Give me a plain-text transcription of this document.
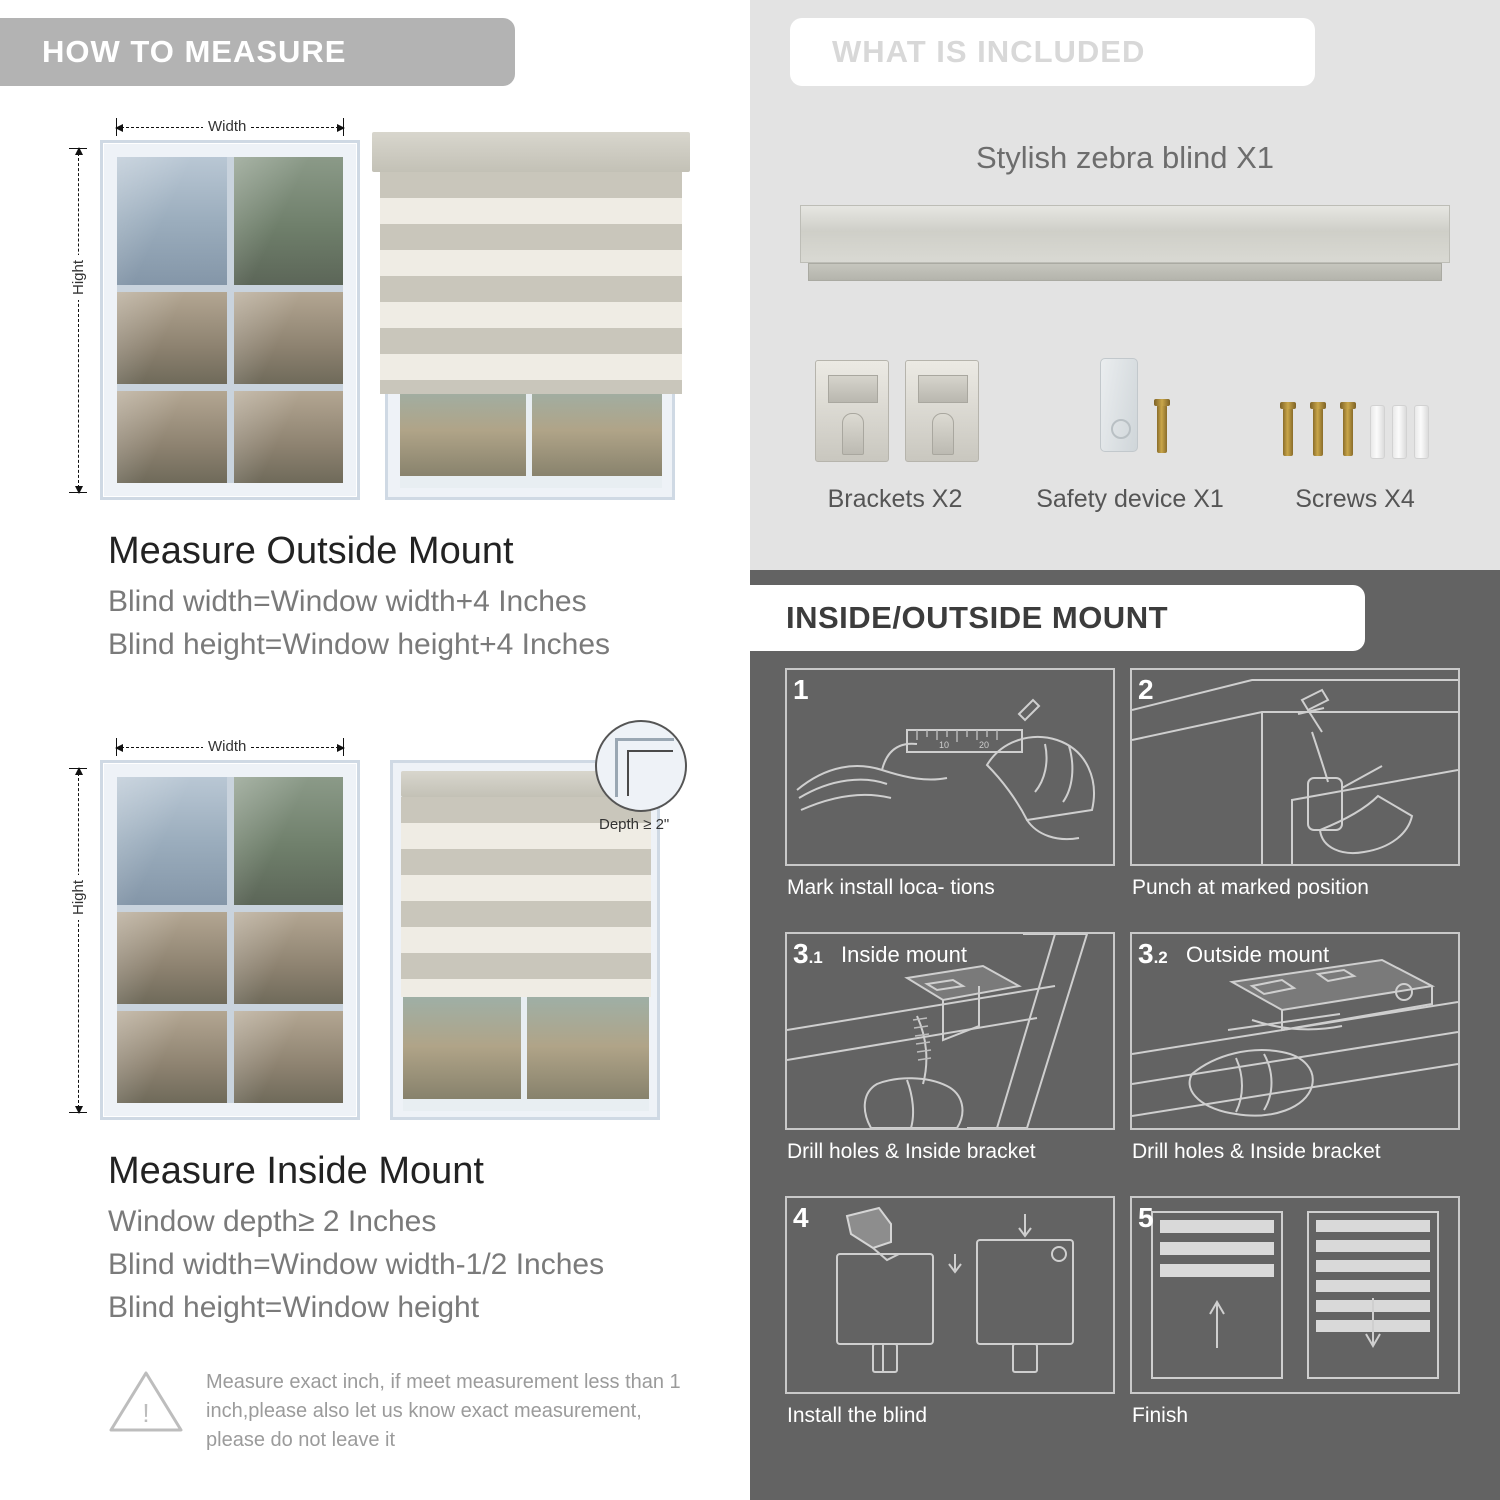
HOW TO MEASURE
Width
Hight
Measure Outside Mount
Blind width=Window width+4 Inches
Blind height=Window height+4 Inches
Width
Hight
Depth ≥ 2"
Measure Inside Mount
Window depth≥ 2 Inches
Blind width=Window width-1/2 Inches
Blind height=Window height
!
Measure exact inch, if meet measurement less than 1 inch,please also let us know exact measurement, please do not leave it
WHAT IS INCLUDED
Stylish zebra blind X1
Brackets X2	Safety device X1	Screws X4
INSIDE/OUTSIDE MOUNT
10	20
1
Mark install loca- tions
2
Punch at marked position
3.1 Inside mount
Drill holes & Inside bracket
3.2 Outside mount
Drill holes & Inside bracket
4
Install the blind
5
Finish
